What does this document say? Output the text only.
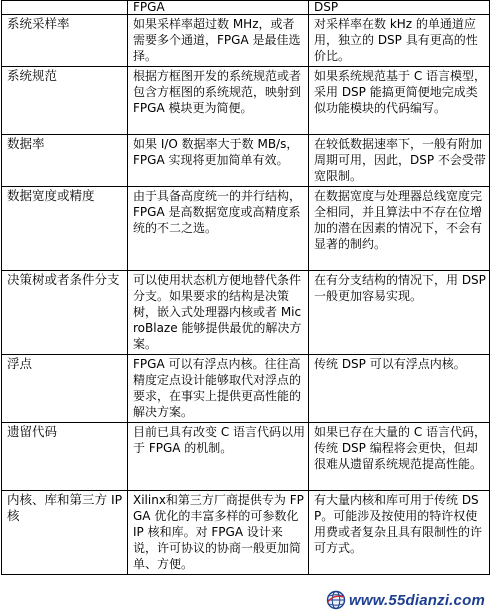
	FPGA	DSP
系统采样率	如果采样率超过数 MHz，或者需要多个通道，FPGA 是最佳选择。	对采样率在数 kHz 的单通道应用，独立的 DSP 具有更高的性价比。
系统规范	根据方框图开发的系统规范或者包含方框图的系统规范，映射到 FPGA 模块更为简便。	如果系统规范基于 C 语言模型，采用 DSP 能搞更简便地完成类似功能模块的代码编写。
数据率	如果 I/O 数据率大于数 MB/s，FPGA 实现将更加简单有效。	在较低数据速率下，一般有附加周期可用，因此，DSP 不会受带宽限制。
数据宽度或精度	由于具备高度统一的并行结构，FPGA 是高数据宽度或高精度系统的不二之选。	在数据宽度与处理器总线宽度完全相同，并且算法中不存在位增加的潜在因素的情况下，不会有显著的制约。
决策树或者条件分支	可以使用状态机方便地替代条件分支。如果要求的结构是决策树，嵌入式处理器内核或者 MicroBlaze 能够提供最优的解决方案。	在有分支结构的情况下，用 DSP 一般更加容易实现。
浮点	FPGA 可以有浮点内核。往往高精度定点设计能够取代对浮点的要求，在事实上提供更高性能的解决方案。	传统 DSP 可以有浮点内核。
遗留代码	目前已具有改变 C 语言代码以用于 FPGA 的机制。	如果已存在大量的 C 语言代码，传统 DSP 编程将会更快，但却很难从遗留系统规范提高性能。
内核、库和第三方 IP 核	Xilinx和第三方厂商提供专为 FPGA 优化的丰富多样的可参数化 IP 核和库。对 FPGA 设计来说，许可协议的协商一般更加简单、方便。	有大量内核和库可用于传统 DSP。可能涉及按使用的特许权使用费或者复杂且具有限制性的许可方式。
www.55dianzi.com
